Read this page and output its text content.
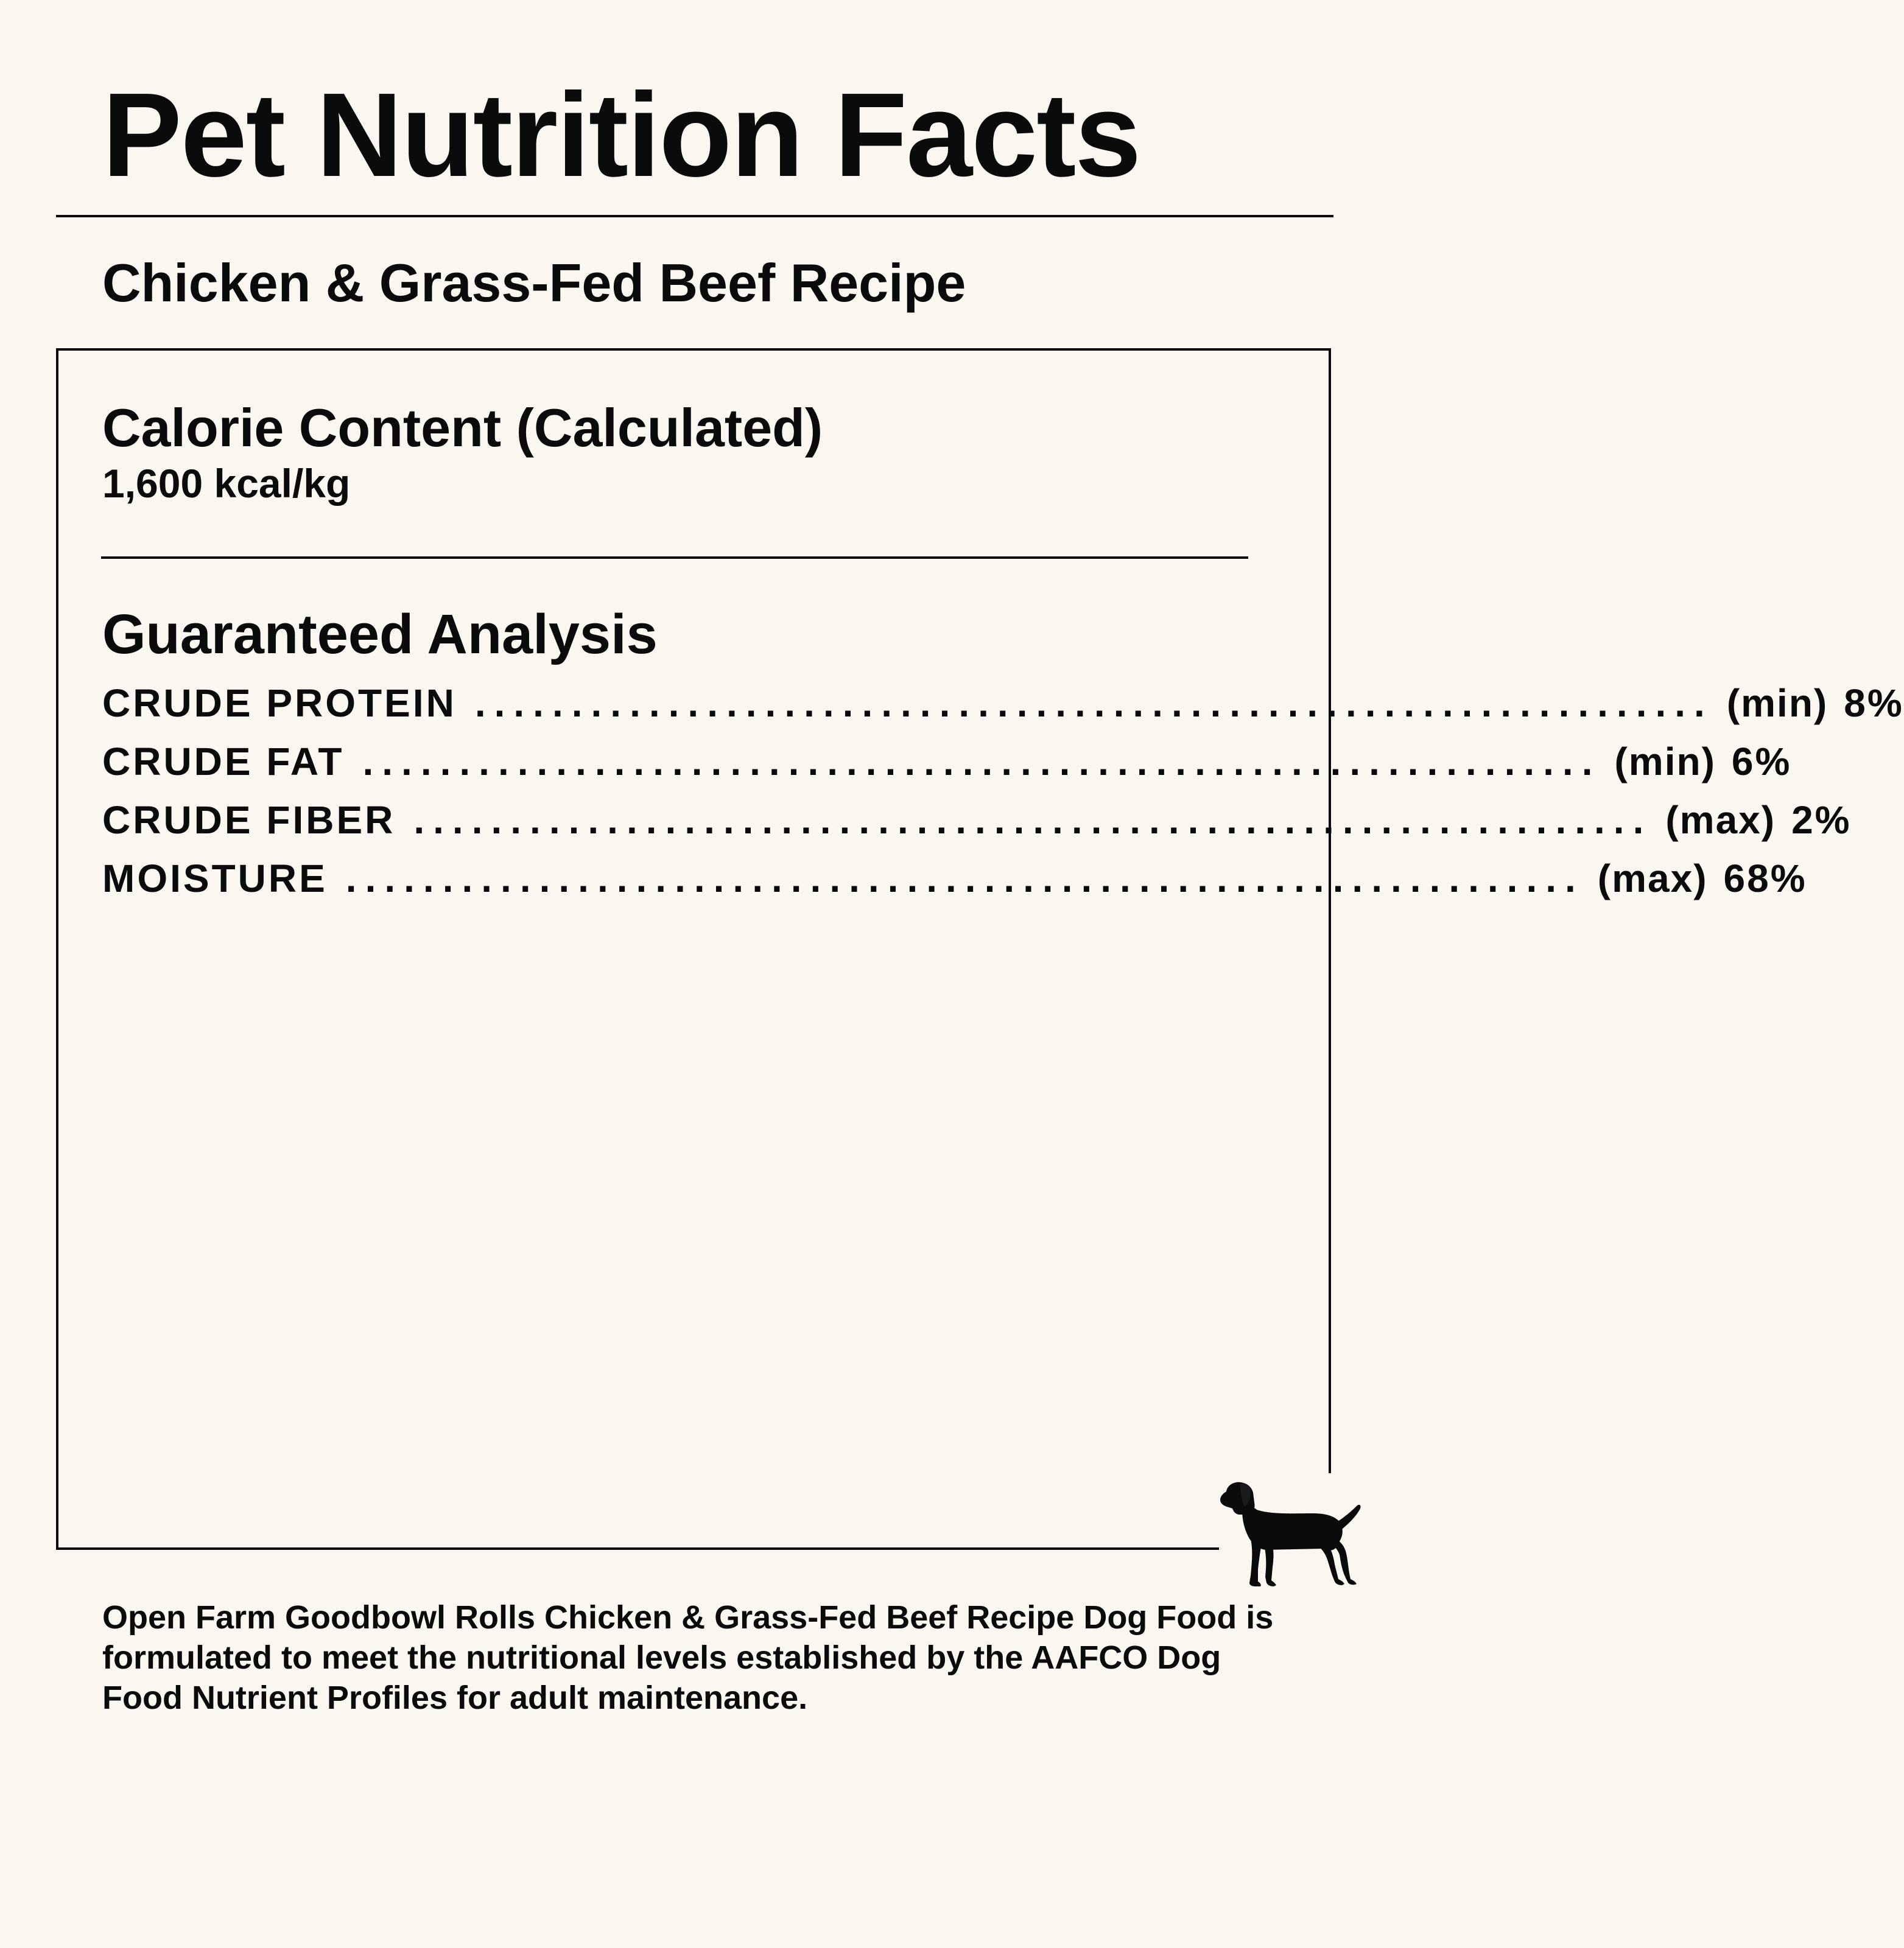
Pet Nutrition Facts
Chicken & Grass-Fed Beef Recipe
Calorie Content (Calculated)
1,600 kcal/kg
Guaranteed Analysis
CRUDE PROTEIN ................................................................ (min) 8%
CRUDE FAT ................................................................ (min) 6%
CRUDE FIBER ................................................................ (max) 2%
MOISTURE ................................................................ (max) 68%

Open Farm Goodbowl Rolls Chicken & Grass-Fed Beef Recipe Dog Food is formulated to meet the nutritional levels established by the AAFCO Dog Food Nutrient Profiles for adult maintenance.
